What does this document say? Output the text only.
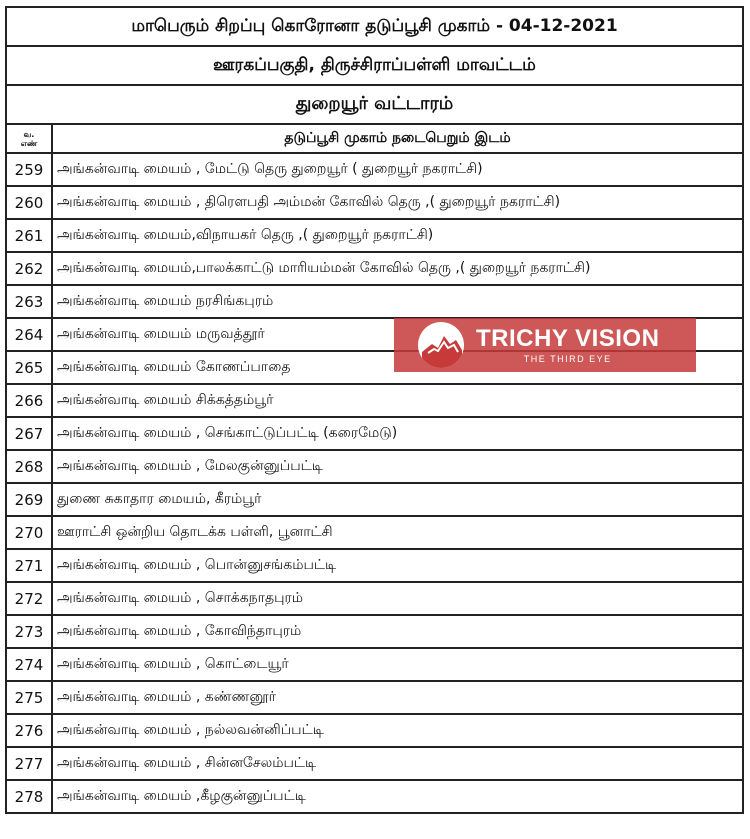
மாபெரும் சிறப்பு கொரோனா தடுப்பூசி முகாம் - 04-12-2021	
ஊரகப்பகுதி, திருச்சிராப்பள்ளி மாவட்டம்	
துறையூர் வட்டாரம்	

வ.
எண்	தடுப்பூசி முகாம் நடைபெறும் இடம்
259	அங்கன்வாடி மையம் , மேட்டு தெரு துறையூர் ( துறையூர் நகராட்சி)
260	அங்கன்வாடி மையம் , திரௌபதி அம்மன் கோவில் தெரு ,( துறையூர் நகராட்சி)
261	அங்கன்வாடி மையம்,விநாயகர் தெரு ,( துறையூர் நகராட்சி)
262	அங்கன்வாடி மையம்,பாலக்காட்டு மாரியம்மன் கோவில் தெரு ,( துறையூர் நகராட்சி)
263	அங்கன்வாடி மையம் நரசிங்கபுரம்
264	அங்கன்வாடி மையம் மருவத்தூர்
265	அங்கன்வாடி மையம் கோணப்பாதை
266	அங்கன்வாடி மையம் சிக்கத்தம்பூர்
267	அங்கன்வாடி மையம் , செங்காட்டுப்பட்டி (கரைமேடு)
268	அங்கன்வாடி மையம் , மேலகுன்னுப்பட்டி
269	துணை சுகாதார மையம், கீரம்பூர்
270	ஊராட்சி ஒன்றிய தொடக்க பள்ளி, பூனாட்சி
271	அங்கன்வாடி மையம் , பொன்னுசங்கம்பட்டி
272	அங்கன்வாடி மையம் , சொக்கநாதபுரம்
273	அங்கன்வாடி மையம் , கோவிந்தாபுரம்
274	அங்கன்வாடி மையம் , கொட்டையூர்
275	அங்கன்வாடி மையம் , கண்ணனூர்
276	அங்கன்வாடி மையம் , நல்லவன்னிப்பட்டி
277	அங்கன்வாடி மையம் , சின்னசேலம்பட்டி
278	அங்கன்வாடி மையம் ,கீழகுன்னுப்பட்டி
TRICHY VISION
THE THIRD EYE
